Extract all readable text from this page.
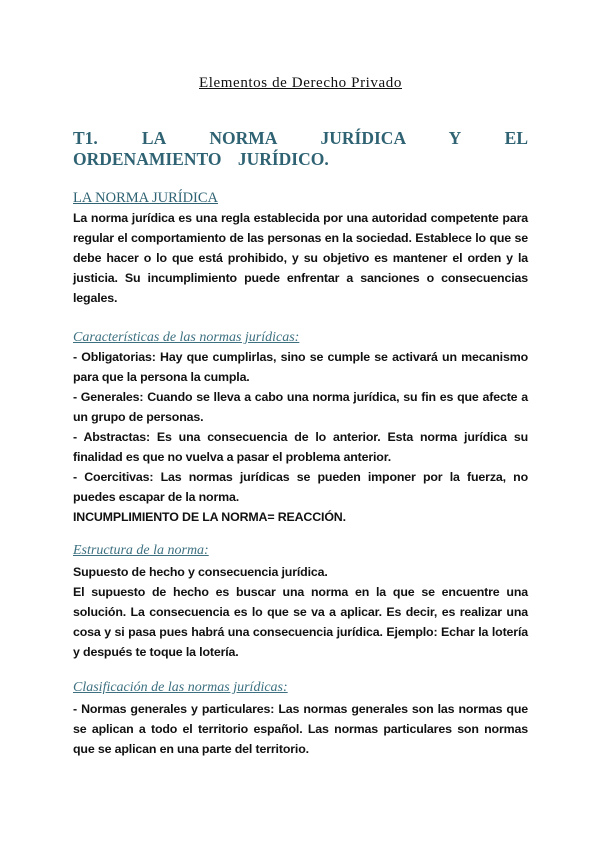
Elementos de Derecho Privado
T1. LA NORMA JURÍDICA Y EL ORDENAMIENTO JURÍDICO.
LA NORMA JURÍDICA
La norma jurídica es una regla establecida por una autoridad competente para regular el comportamiento de las personas en la sociedad. Establece lo que se debe hacer o lo que está prohibido, y su objetivo es mantener el orden y la justicia. Su incumplimiento puede enfrentar a sanciones o consecuencias legales.
Características de las normas jurídicas:
- Obligatorias: Hay que cumplirlas, sino se cumple se activará un mecanismo para que la persona la cumpla.
- Generales: Cuando se lleva a cabo una norma jurídica, su fin es que afecte a un grupo de personas.
- Abstractas: Es una consecuencia de lo anterior. Esta norma jurídica su finalidad es que no vuelva a pasar el problema anterior.
- Coercitivas: Las normas jurídicas se pueden imponer por la fuerza, no puedes escapar de la norma.
INCUMPLIMIENTO DE LA NORMA= REACCIÓN.
Estructura de la norma:
Supuesto de hecho y consecuencia jurídica.
El supuesto de hecho es buscar una norma en la que se encuentre una solución. La consecuencia es lo que se va a aplicar. Es decir, es realizar una cosa y si pasa pues habrá una consecuencia jurídica. Ejemplo: Echar la lotería y después te toque la lotería.
Clasificación de las normas jurídicas:
- Normas generales y particulares: Las normas generales son las normas que se aplican a todo el territorio español. Las normas particulares son normas que se aplican en una parte del territorio.
